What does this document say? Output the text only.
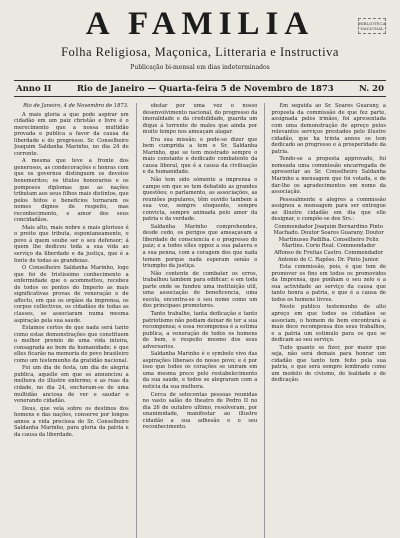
BIBLIOTECA NACIONAL
A FAMILIA
Folha Religiosa, Maçonica, Litteraria e Instructiva
Publicação bi-mensal em dias indeterminados
Anno II	Rio de Janeiro — Quarta-feira 5 de Novembro de 1873	N. 20
Rio de Janeiro, 4 de Novembro de 1873.

A mais gloria a que pode aspirar um cidadão em um paiz christão e livre é o merecimento que a nossa multidão provada e publica a favor da causa da liberdade e do progresso. Sr. Conselheiro Joaquim Saldanha Marinho, no dia 24 de corrente.

A mesma que teve a fronte dos generosos, as condecorações e honras com que os governos distinguem os devotos benemeritos; os titulos honorarios e os pomposos diplomas que as nações tributam aos seus filhos mais distintos, que pelos feitos e beneficios tornaram os nomes dignos de respeito, mas reconhecimento, e amor dos seus concidadãos.

Mais alto, mais nobre e mais glorioso é o preito que tributa, espontaneamente, o povo á quem soube ser o seu defensor; á quem lhe dedicou toda a sua vida ao serviço da liberdade e da justiça, que é a fonte de todas as grandezas.

O Conselheiro Saldanha Marinho, logo que foi de tristissimo conhecimento a enfermidade que o acommetteu, recebeu de todos os pontos do Imperio as mais significativas provas de veneração e de affecto, em que os orgãos da imprensa, os corpos collectivos, os cidadãos de todas as classes, se associaram numa mesma aspiração pela sua saude.

Estamos certos de que nada será tanto como estas demonstrações que constituem o melhor premio de uma vida inteira, consagrada ao bem da humanidade; e que elles ficarão na memoria do povo brasileiro como um testemunho da gratidão nacional.

Foi um dia de festa, um dia de alegria publica, aquelle em que se annunciou a melhora do illustre enfermo; e as ruas da cidade, no dia 24, encheram-se de uma multidão anciosa de ver e saudar o venerando cidadão.

Deus, que vela sobre os destinos dos homens e das nações, conserve por longos annos a vida preciosa do Sr. Conselheiro Saldanha Marinho, para gloria da patria e da causa da liberdade.

obstar por uma vez o nosso desenvolvimento nacional, do progresso da imoralidade e da credulidade, guarda um dique á torrente de males que ainda por muito tempo nos ameaçam alagar.

Era sua missão; e pode-se dizer que bem cumprida a tem o Sr. Saldanha Marinho, que se tem mostrado sempre o mais constante e dedicado combatente da causa liberal, que é a causa da civilisação e da humanidade.

Não tem sido sómente a imprensa o campo em que se tem debatido as grandes questões; o parlamento, as associações, as reuniões populares, têm ouvido tambem a sua voz, sempre eloquente, sempre convicta, sempre animada pelo amor da patria e da verdade.

Saldanha Marinho comprehendeu, desde cedo, os perigos que ameaçavam a liberdade de consciencia e o progresso do paiz; e a todos elles oppoz a sua palavra e a sua penna, com a coragem dos que nada temem porque nada esperam senão o triumpho da justiça.

Não contente de combater os erros, trabalhou tambem para edificar; e em toda parte onde se fundou uma instituição util, uma associação de beneficencia, uma escola, encontra-se o seu nome como um dos principaes promotores.

Tanto trabalho, tanta dedicação e tanto patriotismo não podiam deixar de ter a sua recompensa; e essa recompensa é a estima publica, a veneração de todos os homens de bem, o respeito mesmo dos seus adversarios.

Saldanha Marinho é o symbolo vivo das aspirações liberaes do nosso povo; e é por isso que todos os corações se uniram em uma mesma prece pelo restabelecimento da sua saude, e todos se alegraram com a noticia da sua melhora.

Cerca de setecentas pessoas reunidas no vasto salão do theatro de Pedro II no dia 26 de outubro ultimo, resolveram, por unanimidade, manifestar ao illustre cidadão a sua adhesão e o seu reconhecimento.

Em seguida ao Sr. Soares Guarany, a proposta da commissão de que fez parte, assignada pelos irmãos, foi apresentada com uma demonstração de apreço pelos relevantes serviços prestados pelo illustre cidadão, que ha trinta annos se tem dedicado ao progresso e á prosperidade da patria.

Tendo-se a proposta approvado, foi nomeada uma commissão encarregada de apresentar ao Sr. Conselheiro Saldanha Marinho a mensagem que foi votada, e de dar-lhe os agradecimentos em nome da associação.

Pessoalmente e alegres a commissão assignou a mensagem para ser entregue ao illustre cidadão em dia que elle designar, e compõe-se dos Srs.:

Commendador Joaquim Bernardino Pinto Machado. Doutor Soares Guarany. Doutor Martinusso Padilha. Conselheiro Felix Martins. Corio Real. Commendador Affonso de Freitas Castro. Commendador Antonio de C. Rapôso. Dr. Pinto Junior.

Esta commissão, pois, é que tem de promover os fins em todos os promovidos da Imprensa, que ponham o seu zelo e a sua actividade ao serviço da causa que tanto honra a patria, e que é a causa de todos os homens livres.

Neste publico testemunho de alto apreço em que todos os cidadãos se associam, o homem de bem encontrará a mais doce recompensa dos seus trabalhos, e a patria um estimulo para os que se dedicam ao seu serviço.

Tudo quanto se fizer, por maior que seja, não será demais para honrar um cidadão que tanto tem feito pela sua patria, e que será sempre lembrado como um modelo de civismo, de lealdade e de dedicação.
